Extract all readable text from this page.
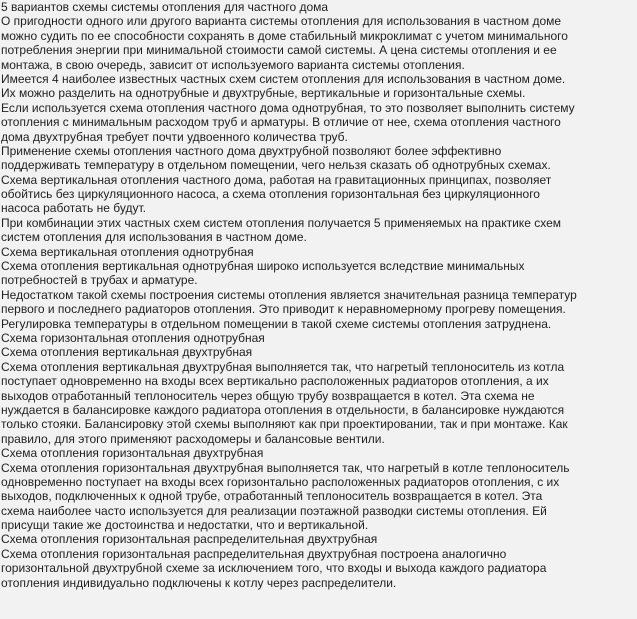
5 вариантов схемы системы отопления для частного дома
О пригодности одного или другого варианта системы отопления для использования в частном доме
можно судить по ее способности сохранять в доме стабильный микроклимат с учетом минимального
потребления энергии при минимальной стоимости самой системы. А цена системы отопления и ее
монтажа, в свою очередь, зависит от используемого варианта системы отопления.
Имеется 4 наиболее известных частных схем систем отопления для использования в частном доме.
Их можно разделить на однотрубные и двухтрубные, вертикальные и горизонтальные схемы.
Если используется схема отопления частного дома однотрубная, то это позволяет выполнить систему
отопления с минимальным расходом труб и арматуры. В отличие от нее, схема отопления частного
дома двухтрубная требует почти удвоенного количества труб.
Применение схемы отопления частного дома двухтрубной позволяют более эффективно
поддерживать температуру в отдельном помещении, чего нельзя сказать об однотрубных схемах.
Схема вертикальная отопления частного дома, работая на гравитационных принципах, позволяет
обойтись без циркуляционного насоса, а схема отопления горизонтальная без циркуляционного
насоса работать не будут.
При комбинации этих частных схем систем отопления получается 5 применяемых на практике схем
систем отопления для использования в частном доме.
Схема вертикальная отопления однотрубная
Схема отопления вертикальная однотрубная широко используется вследствие минимальных
потребностей в трубах и арматуре.
Недостатком такой схемы построения системы отопления является значительная разница температур
первого и последнего радиаторов отопления. Это приводит к неравномерному прогреву помещения.
Регулировка температуры в отдельном помещении в такой схеме системы отопления затруднена.
Схема горизонтальная отопления однотрубная
Схема отопления вертикальная двухтрубная
Схема отопления вертикальная двухтрубная выполняется так, что нагретый теплоноситель из котла
поступает одновременно на входы всех вертикально расположенных радиаторов отопления, а их
выходов отработанный теплоноситель через общую трубу возвращается в котел. Эта схема не
нуждается в балансировке каждого радиатора отопления в отдельности, в балансировке нуждаются
только стояки. Балансировку этой схемы выполняют как при проектировании, так и при монтаже. Как
правило, для этого применяют расходомеры и балансовые вентили.
Схема отопления горизонтальная двухтрубная
Схема отопления горизонтальная двухтрубная выполняется так, что нагретый в котле теплоноситель
одновременно поступает на входы всех горизонтально расположенных радиаторов отопления, с их
выходов, подключенных к одной трубе, отработанный теплоноситель возвращается в котел. Эта
схема наиболее часто используется для реализации поэтажной разводки системы отопления. Ей
присущи такие же достоинства и недостатки, что и вертикальной.
Схема отопления горизонтальная распределительная двухтрубная
Схема отопления горизонтальная распределительная двухтрубная построена аналогично
горизонтальной двухтрубной схеме за исключением того, что входы и выхода каждого радиатора
отопления индивидуально подключены к котлу через распределители.
